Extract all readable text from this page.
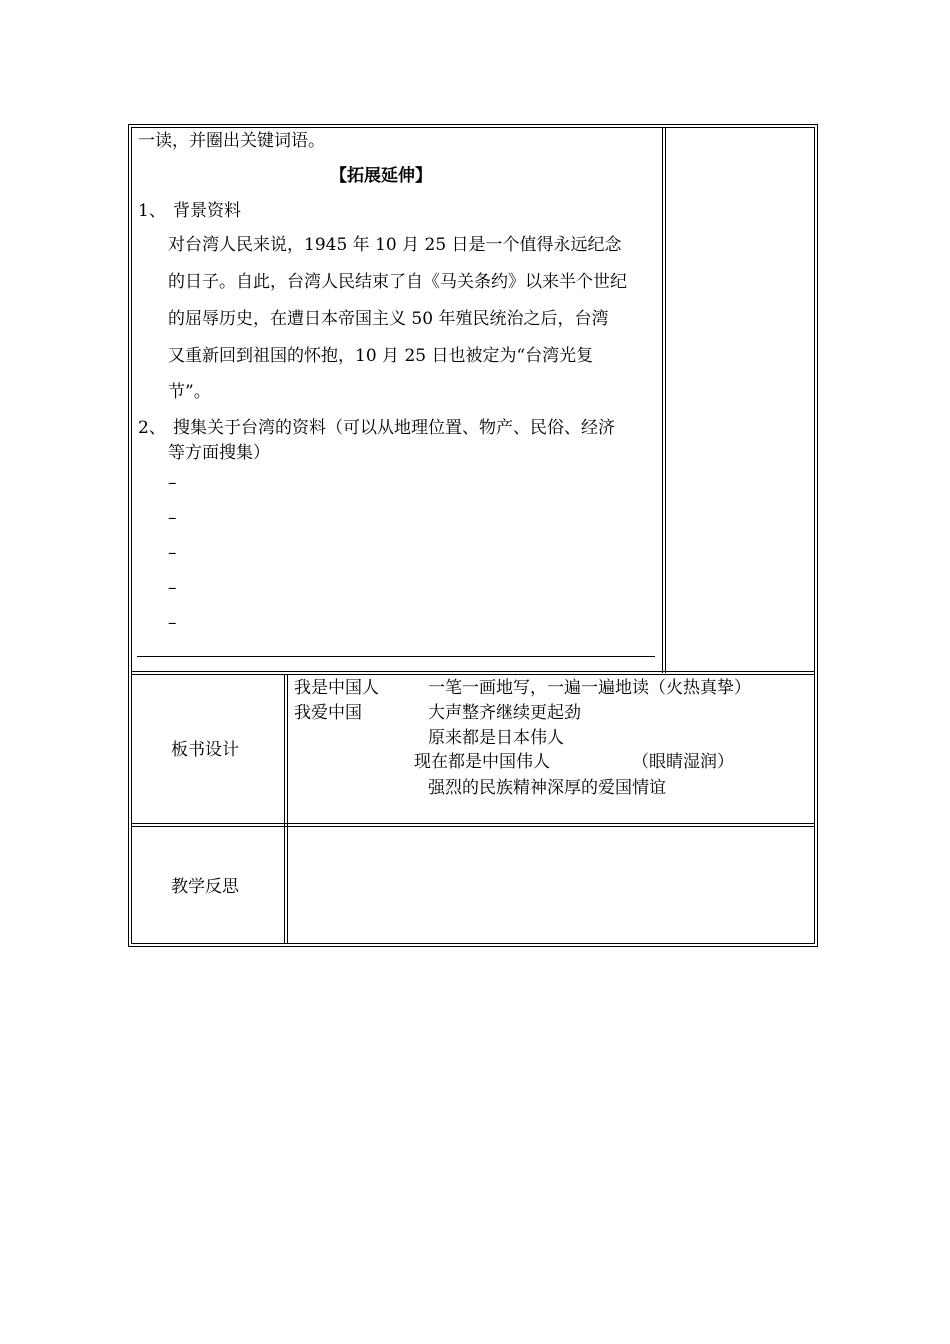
一读，并圈出关键词语。
【拓展延伸】
1、 背景资料
对台湾人民来说，1945 年 10 月 25 日是一个值得永远纪念
的日子。自此，台湾人民结束了自《马关条约》以来半个世纪
的屈辱历史，在遭日本帝国主义 50 年殖民统治之后，台湾
又重新回到祖国的怀抱，10 月 25 日也被定为“台湾光复
节”。
2、 搜集关于台湾的资料（可以从地理位置、物产、民俗、经济
等方面搜集）
–
–
–
–
–
板书设计
我是中国人	一笔一画地写，一遍一遍地读（火热真挚）
我爱中国	大声整齐继续更起劲
原来都是日本伟人
现在都是中国伟人	（眼睛湿润）
强烈的民族精神深厚的爱国情谊
教学反思
